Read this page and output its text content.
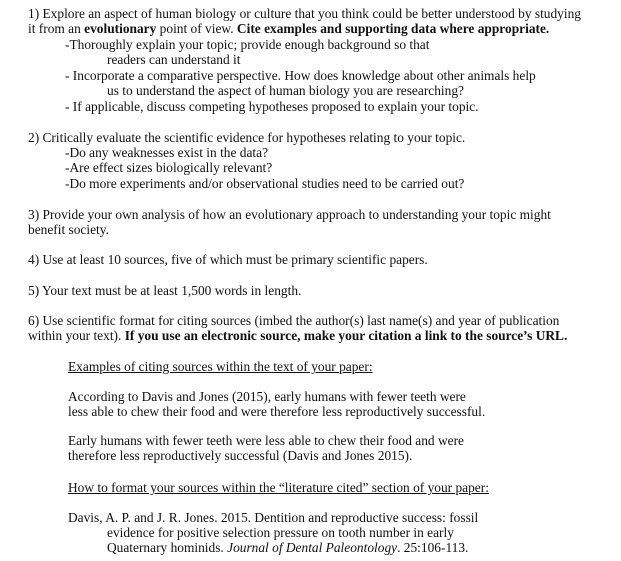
1) Explore an aspect of human biology or culture that you think could be better understood by studying
it from an evolutionary point of view. Cite examples and supporting data where appropriate.
-Thoroughly explain your topic; provide enough background so that
readers can understand it
- Incorporate a comparative perspective. How does knowledge about other animals help
us to understand the aspect of human biology you are researching?
- If applicable, discuss competing hypotheses proposed to explain your topic.
2) Critically evaluate the scientific evidence for hypotheses relating to your topic.
-Do any weaknesses exist in the data?
-Are effect sizes biologically relevant?
-Do more experiments and/or observational studies need to be carried out?
3) Provide your own analysis of how an evolutionary approach to understanding your topic might
benefit society.
4) Use at least 10 sources, five of which must be primary scientific papers.
5) Your text must be at least 1,500 words in length.
6) Use scientific format for citing sources (imbed the author(s) last name(s) and year of publication
within your text). If you use an electronic source, make your citation a link to the source’s URL.
Examples of citing sources within the text of your paper:
According to Davis and Jones (2015), early humans with fewer teeth were
less able to chew their food and were therefore less reproductively successful.
Early humans with fewer teeth were less able to chew their food and were
therefore less reproductively successful (Davis and Jones 2015).
How to format your sources within the “literature cited” section of your paper:
Davis, A. P. and J. R. Jones. 2015. Dentition and reproductive success: fossil
evidence for positive selection pressure on tooth number in early
Quaternary hominids. Journal of Dental Paleontology. 25:106-113.
